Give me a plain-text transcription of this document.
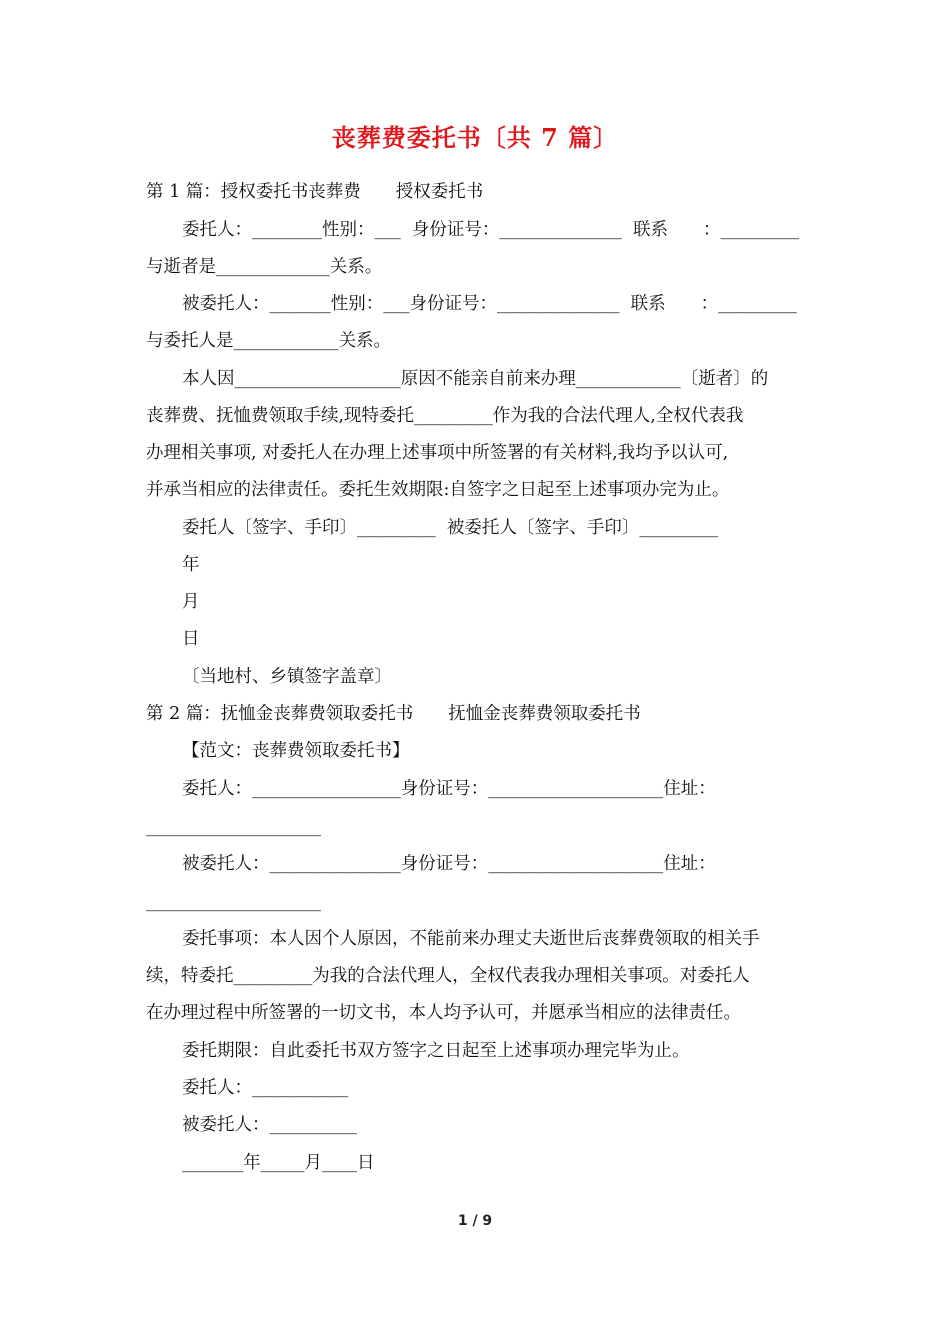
丧葬费委托书〔共 7 篇〕
第 1 篇：授权委托书丧葬费　　授权委托书
委托人：________性别：___  身份证号：______________  联系　　：_________
与逝者是_____________关系。
被委托人：_______性别：___身份证号：______________  联系　　：_________
与委托人是____________关系。
本人因___________________原因不能亲自前来办理____________〔逝者〕的
丧葬费、抚恤费领取手续,现特委托_________作为我的合法代理人,全权代表我
办理相关事项, 对委托人在办理上述事项中所签署的有关材料,我均予以认可,
并承当相应的法律责任。委托生效期限:自签字之日起至上述事项办完为止。
委托人〔签字、手印〕_________  被委托人〔签字、手印〕_________
年
月
日
〔当地村、乡镇签字盖章〕
第 2 篇：抚恤金丧葬费领取委托书　　抚恤金丧葬费领取委托书
【范文：丧葬费领取委托书】
委托人：_________________身份证号：____________________住址：
____________________
被委托人：_______________身份证号：____________________住址：
____________________
委托事项：本人因个人原因，不能前来办理丈夫逝世后丧葬费领取的相关手
续，特委托_________为我的合法代理人，全权代表我办理相关事项。对委托人
在办理过程中所签署的一切文书，本人均予认可，并愿承当相应的法律责任。
委托期限：自此委托书双方签字之日起至上述事项办理完毕为止。
委托人：___________
被委托人：__________
_______年_____月____日
1 / 9
